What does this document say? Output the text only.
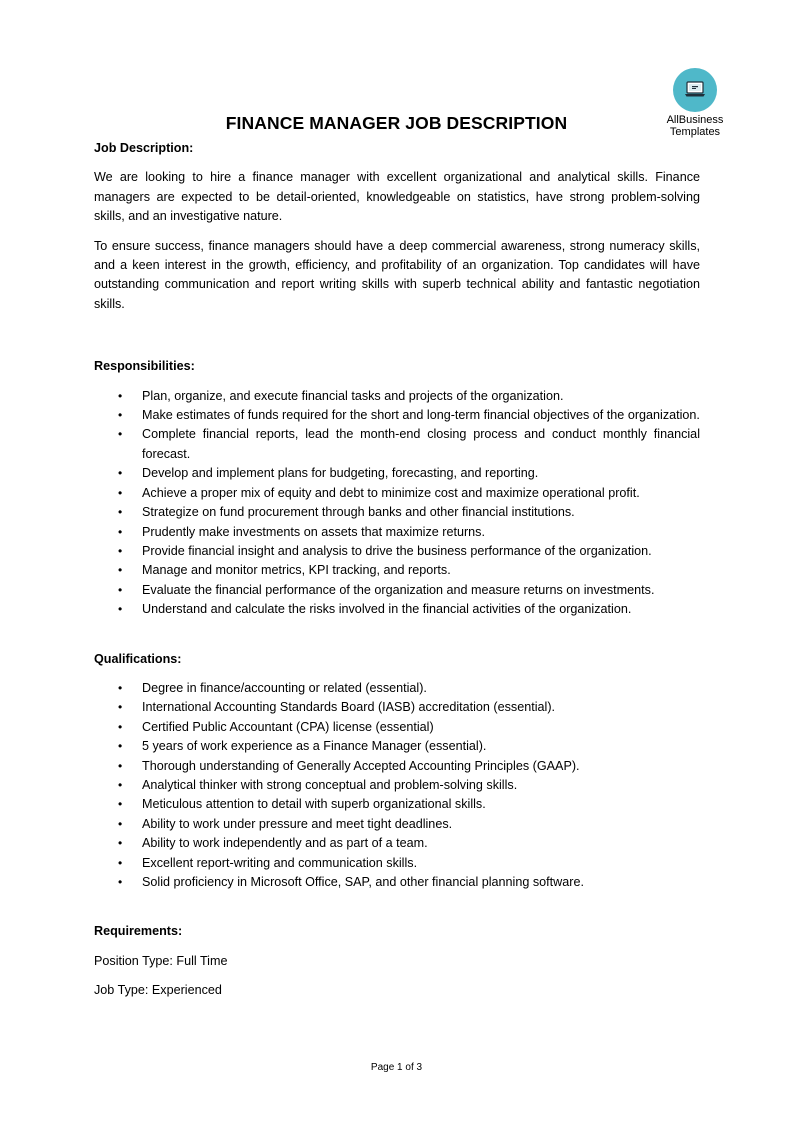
AllBusiness
Templates
FINANCE MANAGER JOB DESCRIPTION
Job Description:

We are looking to hire a finance manager with excellent organizational and analytical skills. Finance managers are expected to be detail-oriented, knowledgeable on statistics, have strong problem-solving skills, and an investigative nature.

To ensure success, finance managers should have a deep commercial awareness, strong numeracy skills, and a keen interest in the growth, efficiency, and profitability of an organization. Top candidates will have outstanding communication and report writing skills with superb technical ability and fantastic negotiation skills.

Responsibilities:
• Plan, organize, and execute financial tasks and projects of the organization.
• Make estimates of funds required for the short and long-term financial objectives of the organization.
• Complete financial reports, lead the month-end closing process and conduct monthly financial forecast.
• Develop and implement plans for budgeting, forecasting, and reporting.
• Achieve a proper mix of equity and debt to minimize cost and maximize operational profit.
• Strategize on fund procurement through banks and other financial institutions.
• Prudently make investments on assets that maximize returns.
• Provide financial insight and analysis to drive the business performance of the organization.
• Manage and monitor metrics, KPI tracking, and reports.
• Evaluate the financial performance of the organization and measure returns on investments.
• Understand and calculate the risks involved in the financial activities of the organization.
Qualifications:
• Degree in finance/accounting or related (essential).
• International Accounting Standards Board (IASB) accreditation (essential).
• Certified Public Accountant (CPA) license (essential)
• 5 years of work experience as a Finance Manager (essential).
• Thorough understanding of Generally Accepted Accounting Principles (GAAP).
• Analytical thinker with strong conceptual and problem-solving skills.
• Meticulous attention to detail with superb organizational skills.
• Ability to work under pressure and meet tight deadlines.
• Ability to work independently and as part of a team.
• Excellent report-writing and communication skills.
• Solid proficiency in Microsoft Office, SAP, and other financial planning software.
Requirements:
Position Type: Full Time
Job Type: Experienced
Page 1 of 3
